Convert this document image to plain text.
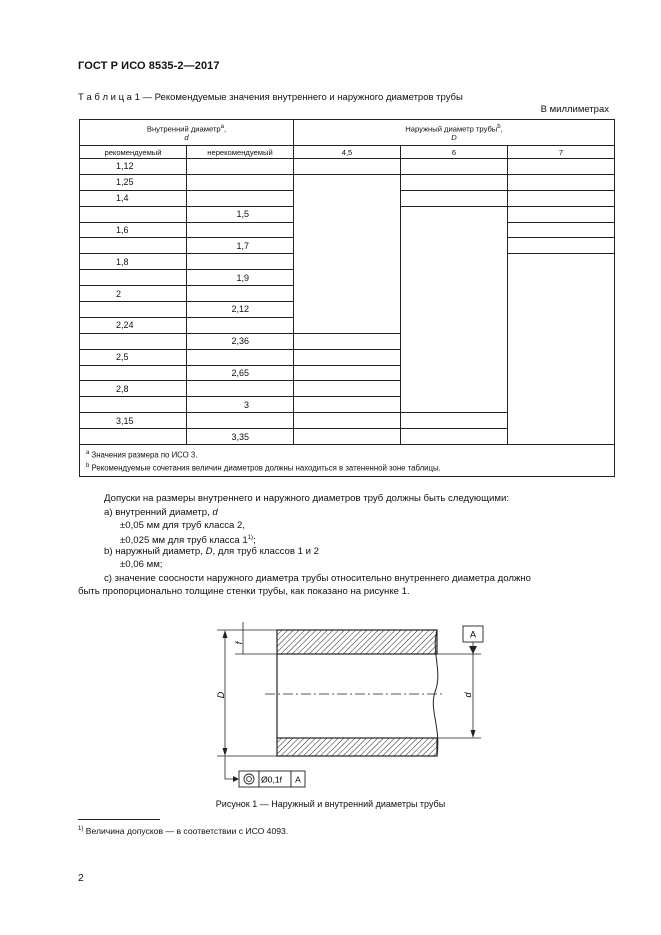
ГОСТ Р ИСО 8535-2—2017
Т а б л и ц а 1 — Рекомендуемые значения внутреннего и наружного диаметров трубы
В миллиметрах
Внутренний диаметр$^a$,
d		Наружный диаметр трубы$^b$,
D		
рекомендуемый	нерекомендуемый	4,5	6	7
1,12				
1,25				
1,4				
	1,5			
1,6				
	1,7			
1,8				
	1,9			
2				
	2,12			
2,24				
	2,36			
2,5				
	2,65			
2,8				
	3			
3,15				
	3,35			

$^a$ Значения размера по ИСО 3.
$^b$ Рекомендуемые сочетания величин диаметров должны находиться в затененной зоне таблицы.				
Допуски на размеры внутреннего и наружного диаметров труб должны быть следующими:
a) внутренний диаметр, d
±0,05 мм для труб класса 2,
±0,025 мм для труб класса 1$^{1)}$;
b) наружный диаметр, D, для труб классов 1 и 2
±0,06 мм;
с) значение соосности наружного диаметра трубы относительно внутреннего диаметра должно
быть пропорционально толщине стенки трубы, как показано на рисунке 1.
D
f
d
A
Ø0,1f A
Рисунок 1 — Наружный и внутренний диаметры трубы
$^{1)}$ Величина допусков — в соответствии с ИСО 4093.
2
